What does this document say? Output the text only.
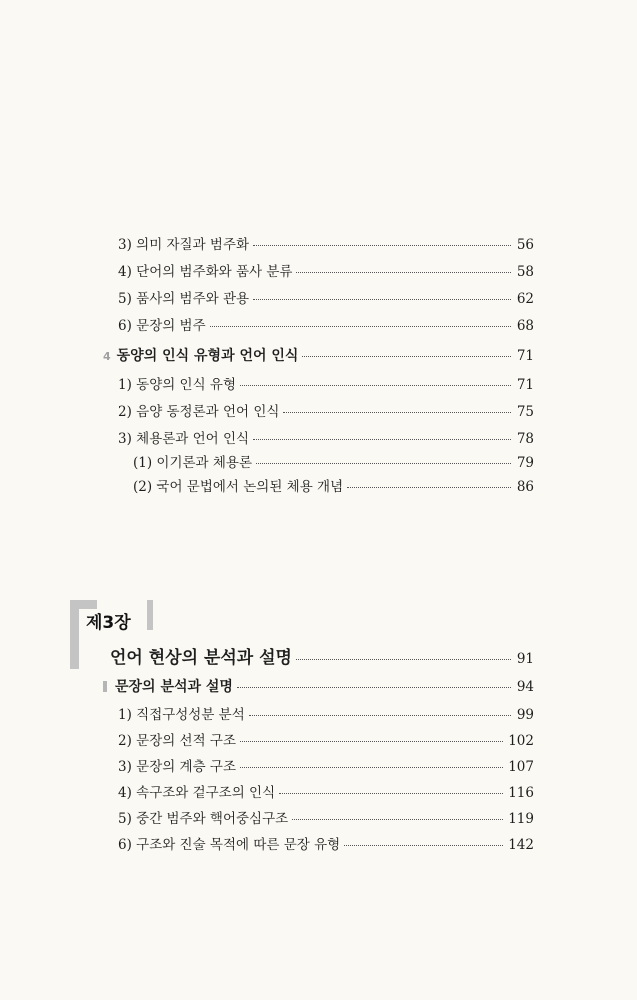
3) 의미 자질과 범주화	56
4) 단어의 범주화와 품사 분류	58
5) 품사의 범주와 관용	62
6) 문장의 범주	68
4 동양의 인식 유형과 언어 인식	71
1) 동양의 인식 유형	71
2) 음양 동정론과 언어 인식	75
3) 체용론과 언어 인식	78
(1) 이기론과 체용론	79
(2) 국어 문법에서 논의된 체용 개념	86
제3장
언어 현상의 분석과 설명	91
문장의 분석과 설명	94
1) 직접구성성분 분석	99
2) 문장의 선적 구조	102
3) 문장의 계층 구조	107
4) 속구조와 겉구조의 인식	116
5) 중간 범주와 핵어중심구조	119
6) 구조와 진술 목적에 따른 문장 유형	142
